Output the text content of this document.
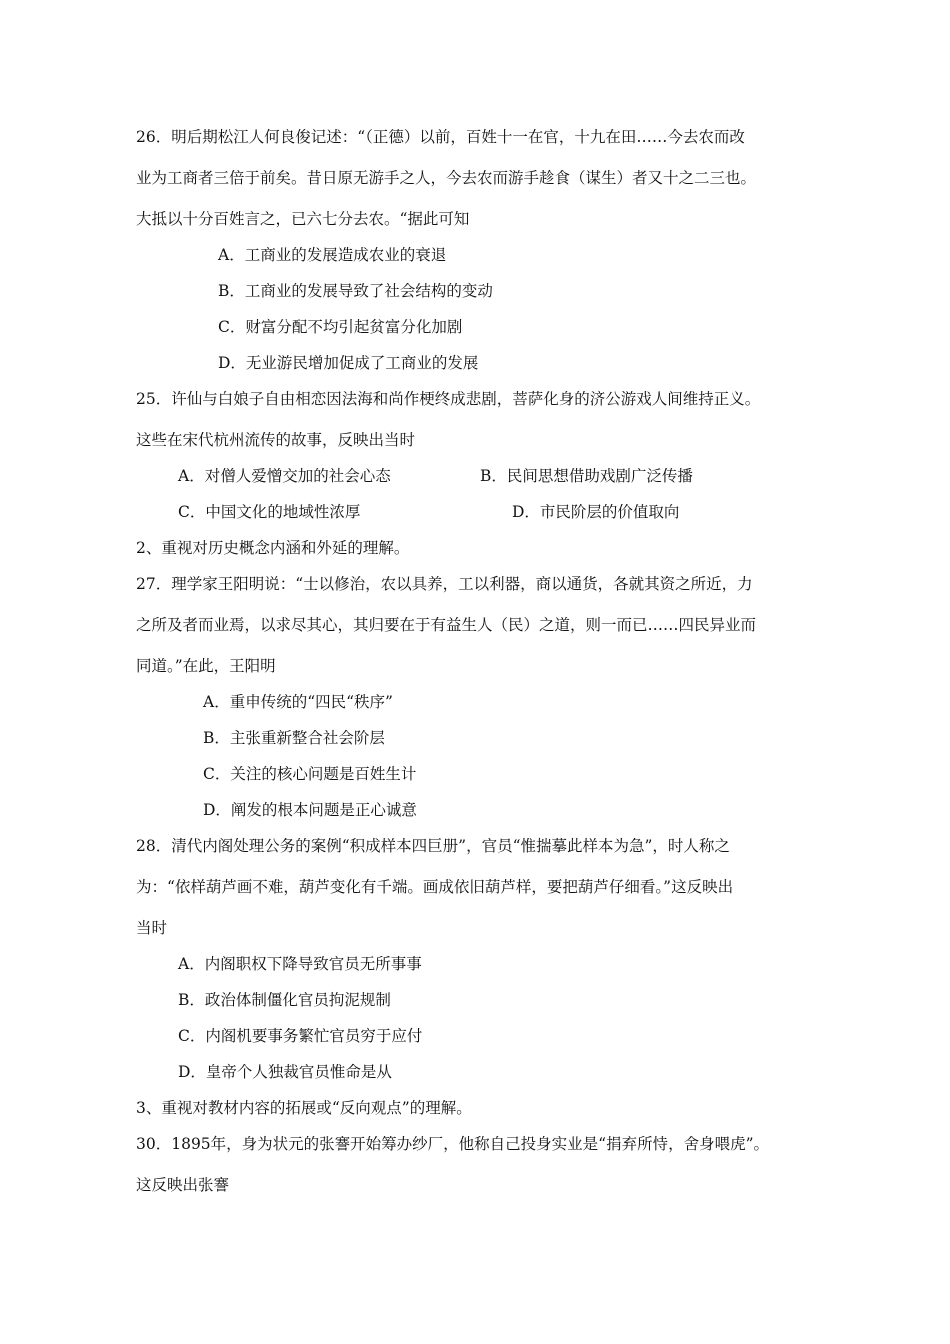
26．明后期松江人何良俊记述：“（正德）以前，百姓十一在官，十九在田……今去农而改
业为工商者三倍于前矣。昔日原无游手之人，今去农而游手趁食（谋生）者又十之二三也。
大抵以十分百姓言之，已六七分去农。“据此可知
A．工商业的发展造成农业的衰退
B．工商业的发展导致了社会结构的变动
C．财富分配不均引起贫富分化加剧
D．无业游民增加促成了工商业的发展
25．许仙与白娘子自由相恋因法海和尚作梗终成悲剧，菩萨化身的济公游戏人间维持正义。
这些在宋代杭州流传的故事，反映出当时
A．对僧人爱憎交加的社会心态	B．民间思想借助戏剧广泛传播
C．中国文化的地域性浓厚	D．市民阶层的价值取向
2、重视对历史概念内涵和外延的理解。
27．理学家王阳明说：“士以修治，农以具养，工以利器，商以通货，各就其资之所近，力
之所及者而业焉，以求尽其心，其归要在于有益生人（民）之道，则一而已……四民异业而
同道。”在此，王阳明
A．重申传统的“四民“秩序”
B．主张重新整合社会阶层
C．关注的核心问题是百姓生计
D．阐发的根本问题是正心诚意
28．清代内阁处理公务的案例“积成样本四巨册”，官员“惟揣摹此样本为急”，时人称之
为：“依样葫芦画不难，葫芦变化有千端。画成依旧葫芦样，要把葫芦仔细看。”这反映出
当时
A．内阁职权下降导致官员无所事事
B．政治体制僵化官员拘泥规制
C．内阁机要事务繁忙官员穷于应付
D．皇帝个人独裁官员惟命是从
3、重视对教材内容的拓展或“反向观点”的理解。
30．1895年，身为状元的张謇开始筹办纱厂，他称自己投身实业是“捐弃所恃，舍身喂虎”。
这反映出张謇
